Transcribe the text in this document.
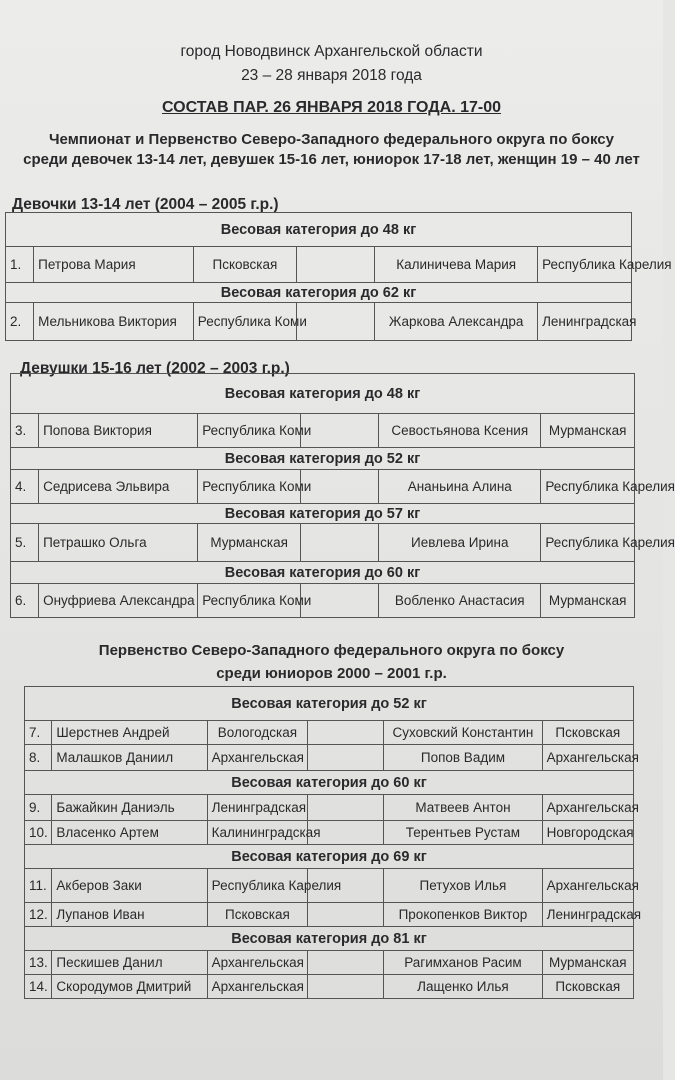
город Новодвинск Архангельской области
23 – 28 января 2018 года
СОСТАВ ПАР. 26 ЯНВАРЯ 2018 ГОДА. 17-00
Чемпионат и Первенство Северо-Западного федерального округа по боксу
среди девочек 13-14 лет, девушек 15-16 лет, юниорок 17-18 лет, женщин 19 – 40 лет
Девочки 13-14 лет (2004 – 2005 г.р.)
Весовая категория до 48 кг					
1.	Петрова Мария	Псковская		Калиничева Мария	Республика Карелия
Весовая категория до 62 кг					
2.	Мельникова Виктория	Республика Коми		Жаркова Александра	Ленинградская
Девушки 15-16 лет (2002 – 2003 г.р.)
Весовая категория до 48 кг					
3.	Попова Виктория	Республика Коми		Севостьянова Ксения	Мурманская
Весовая категория до 52 кг					
4.	Седрисева Эльвира	Республика Коми		Ананьина Алина	Республика Карелия
Весовая категория до 57 кг					
5.	Петрашко Ольга	Мурманская		Иевлева Ирина	Республика Карелия
Весовая категория до 60 кг					
6.	Онуфриева Александра	Республика Коми		Вобленко Анастасия	Мурманская
Первенство Северо-Западного федерального округа по боксу
среди юниоров 2000 – 2001 г.р.
Весовая категория до 52 кг					
7.	Шерстнев Андрей	Вологодская		Суховский Константин	Псковская
8.	Малашков Даниил	Архангельская		Попов Вадим	Архангельская
Весовая категория до 60 кг					
9.	Бажайкин Даниэль	Ленинградская		Матвеев Антон	Архангельская
10.	Власенко Артем	Калининградская		Терентьев Рустам	Новгородская
Весовая категория до 69 кг					
11.	Акберов Заки	Республика Карелия		Петухов Илья	Архангельская
12.	Лупанов Иван	Псковская		Прокопенков Виктор	Ленинградская
Весовая категория до 81 кг					
13.	Пескишев Данил	Архангельская		Рагимханов Расим	Мурманская
14.	Скородумов Дмитрий	Архангельская		Лащенко Илья	Псковская
